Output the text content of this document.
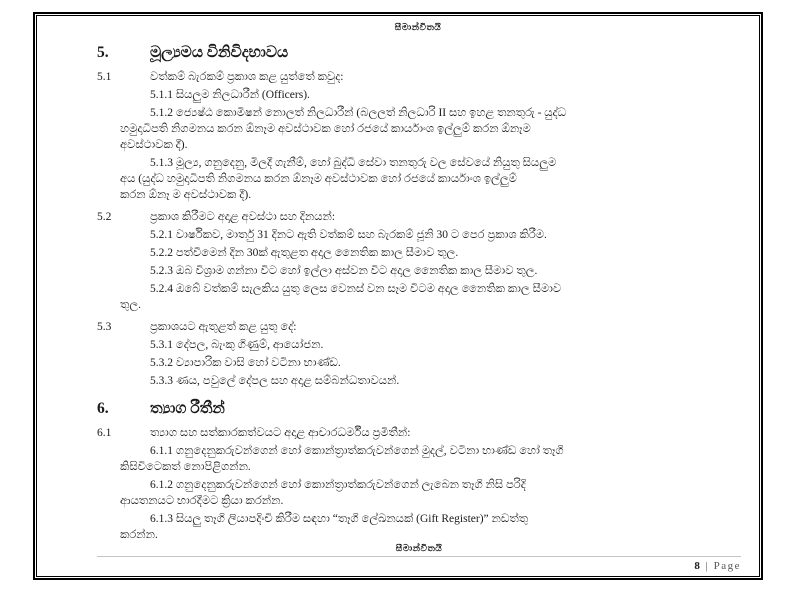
සීමාන්විතයි
5.	මූල්‍යමය විනිවිදභාවය
5.1	වත්කම් බැරකම් ප්‍රකාශ කළ යුත්තේ කවුද:
5.1.1 සියලුම නිලධාරීන් (Officers).
5.1.2 ජ්‍යෙෂ්ඨ කොමිෂන් නොලත් නිලධාරීන් (බලලත් නිලධාරි II සහ ඉහළ තනතුරු - යුද්ධ
හමුදාධිපති නිගමනය කරන ඕනෑම අවස්ථාවක හෝ රජයේ කාර්යාංශ ඉල්ලුම් කරන ඕනෑම
අවස්ථාවක දී).
5.1.3 මූල්‍ය, ගනුදෙනු, මිලදී ගැනීම්, හෝ බුද්ධි සේවා තනතුරු වල සේවයේ නියුතු සියලුම
අය (යුද්ධ හමුදාධිපති නිගමනය කරන ඕනෑම අවස්ථාවක හෝ රජයේ කාර්යාංශ ඉල්ලුම්
කරන ඕනෑ ම අවස්ථාවක දී).
5.2	ප්‍රකාශ කිරීමට අදාළ අවස්ථා සහ දිනයන්:
5.2.1 වාර්ෂිකව, මාර්තු 31 දිනට ඇති වත්කම් සහ බැරකම් ජූනි 30 ට පෙර ප්‍රකාශ කිරීම.
5.2.2 පත්වීමෙන් දින 30ක් ඇතුළත අදාල නෛතික කාල සීමාව තුල.
5.2.3 ඔබ විශ්‍රාම ගන්නා විට හෝ ඉල්ලා අස්වන විට අදාල නෛතික කාල සීමාව තුල.
5.2.4 ඔබේ වත්කම් සැලකිය යුතු ලෙස වෙනස් වන සෑම විටම අදාල නෛතික කාල සීමාව
තුල.
5.3	ප්‍රකාශයට ඇතුළත් කළ යුතු දේ:
5.3.1 දේපල, බැංකු ගිණුම්, ආයෝජන.
5.3.2 ව්‍යාපාරික වාසි හෝ වටිනා භාණ්ඩ.
5.3.3 ණය, පවුලේ දේපල සහ අදාළ සම්බන්ධතාවයන්.
6.	ත්‍යාග රීතීන්
6.1	ත්‍යාග සහ සත්කාරකත්වයට අදාළ ආචාරධර්මීය ප්‍රමිතීන්:
6.1.1 ගනුදෙනුකරුවන්ගෙන් හෝ කොන්ත්‍රාත්කරුවන්ගෙන් මුදල්, වටිනා භාණ්ඩ හෝ තෑගි
කිසිවිටෙකත් නොපිළිගන්න.
6.1.2 ගනුදෙනුකරුවන්ගෙන් හෝ කොන්ත්‍රාත්කරුවන්ගෙන් ලැබෙන තෑගි නිසි පරිදි
ආයතනයට භාරදීමට ක්‍රියා කරන්න.
6.1.3 සියලු තෑගි ලියාපදිංචි කිරීම සඳහා “තෑගි ලේඛනයක් (Gift Register)” නඩත්තු
කරන්න.
සීමාන්විතයි
8 | Page
